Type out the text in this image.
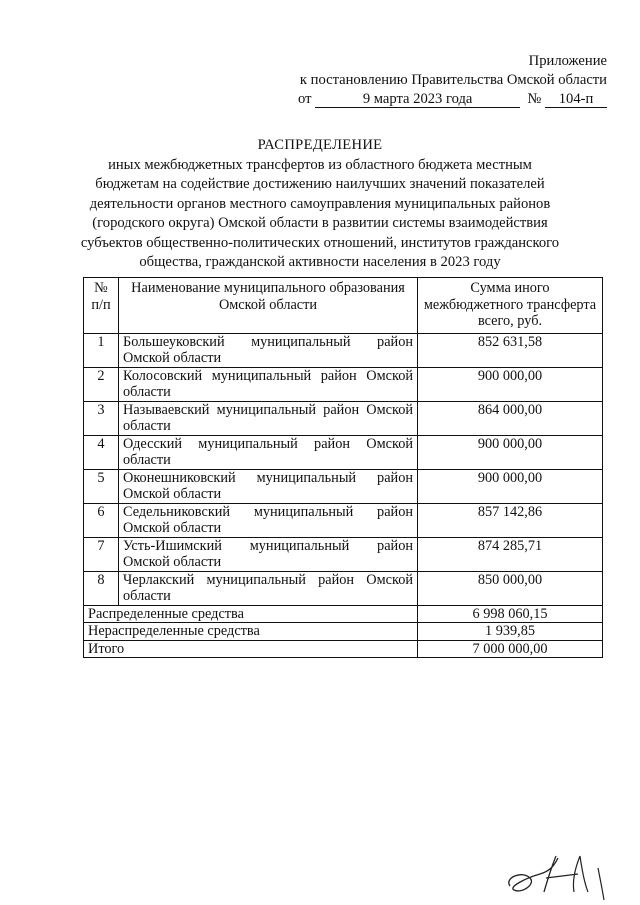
Приложение
к постановлению Правительства Омской области
от	9 марта 2023 года	№ 104-п
РАСПРЕДЕЛЕНИЕ
иных межбюджетных трансфертов из областного бюджета местным
бюджетам на содействие достижению наилучших значений показателей
деятельности органов местного самоуправления муниципальных районов
(городского округа) Омской области в развитии системы взаимодействия
субъектов общественно-политических отношений, институтов гражданского
общества, гражданской активности населения в 2023 году
№ п/п	Наименование муниципального образования Омской области	Сумма иного межбюджетного трансферта всего, руб.
1	Большеуковский муниципальный район Омской области	852 631,58
2	Колосовский муниципальный район Омской области	900 000,00
3	Называевский муниципальный район Омской области	864 000,00
4	Одесский муниципальный район Омской области	900 000,00
5	Оконешниковский муниципальный район Омской области	900 000,00
6	Седельниковский муниципальный район Омской области	857 142,86
7	Усть-Ишимский муниципальный район Омской области	874 285,71
8	Черлакский муниципальный район Омской области	850 000,00
Распределенные средства		6 998 060,15
Нераспределенные средства		1 939,85
Итого		7 000 000,00
